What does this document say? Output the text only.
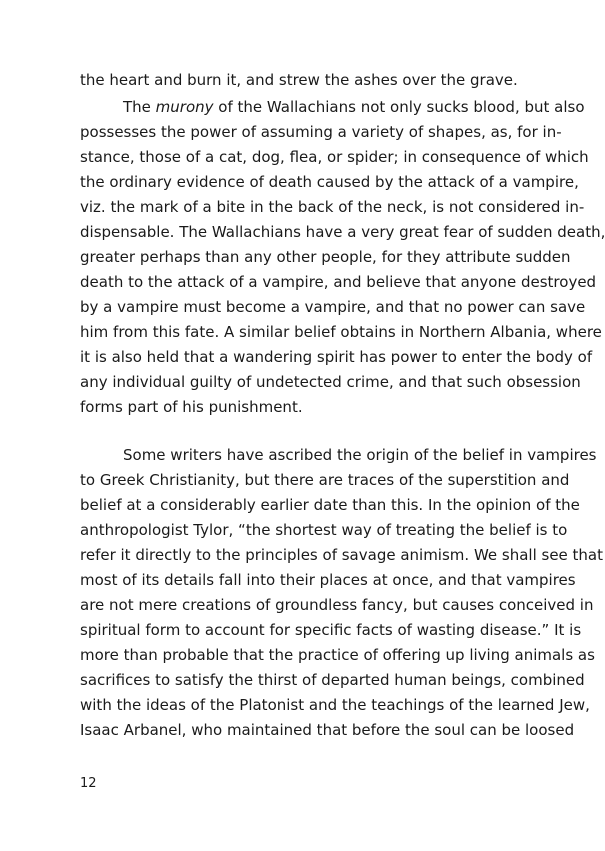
the heart and burn it, and strew the ashes over the grave.
The murony of the Wallachians not only sucks blood, but also
possesses the power of assuming a variety of shapes, as, for in-
stance, those of a cat, dog, flea, or spider; in consequence of which
the ordinary evidence of death caused by the attack of a vampire,
viz. the mark of a bite in the back of the neck, is not considered in-
dispensable. The Wallachians have a very great fear of sudden death,
greater perhaps than any other people, for they attribute sudden
death to the attack of a vampire, and believe that anyone destroyed
by a vampire must become a vampire, and that no power can save
him from this fate. A similar belief obtains in Northern Albania, where
it is also held that a wandering spirit has power to enter the body of
any individual guilty of undetected crime, and that such obsession
forms part of his punishment.
Some writers have ascribed the origin of the belief in vampires
to Greek Christianity, but there are traces of the superstition and
belief at a considerably earlier date than this. In the opinion of the
anthropologist Tylor, “the shortest way of treating the belief is to
refer it directly to the principles of savage animism. We shall see that
most of its details fall into their places at once, and that vampires
are not mere creations of groundless fancy, but causes conceived in
spiritual form to account for specific facts of wasting disease.” It is
more than probable that the practice of offering up living animals as
sacrifices to satisfy the thirst of departed human beings, combined
with the ideas of the Platonist and the teachings of the learned Jew,
Isaac Arbanel, who maintained that before the soul can be loosed
12
